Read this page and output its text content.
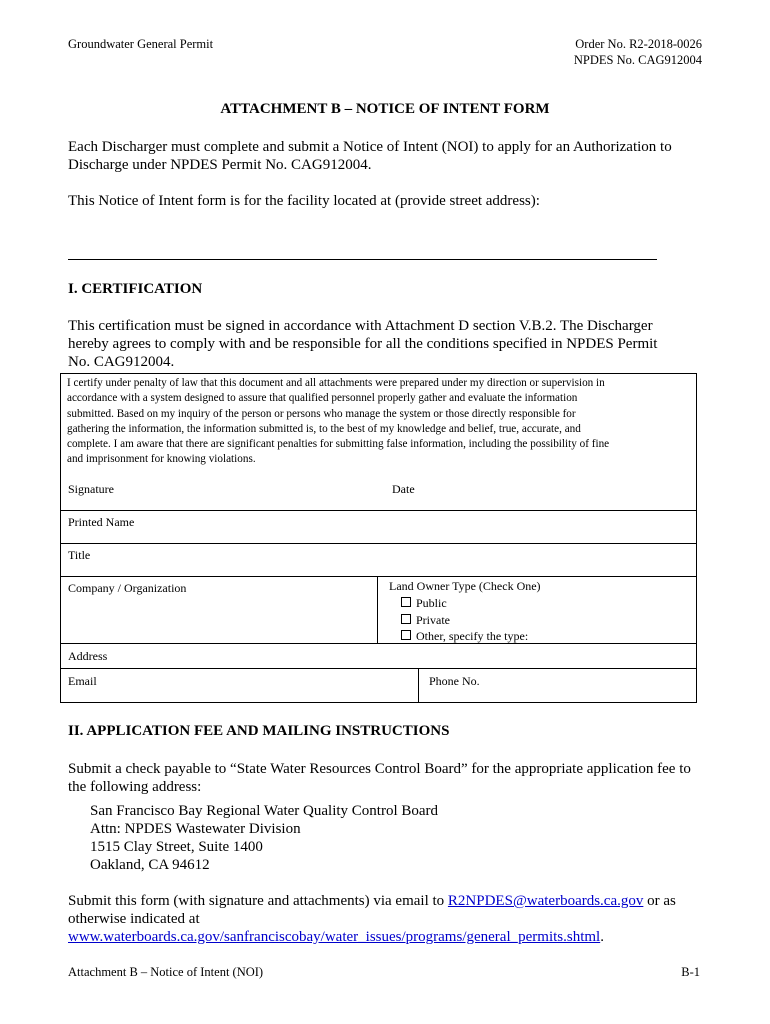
Groundwater General Permit	Order No. R2-2018-0026
NPDES No. CAG912004
ATTACHMENT B – NOTICE OF INTENT FORM
Each Discharger must complete and submit a Notice of Intent (NOI) to apply for an Authorization to
Discharge under NPDES Permit No. CAG912004.
This Notice of Intent form is for the facility located at (provide street address):
I. CERTIFICATION
This certification must be signed in accordance with Attachment D section V.B.2. The Discharger
hereby agrees to comply with and be responsible for all the conditions specified in NPDES Permit
No. CAG912004.
I certify under penalty of law that this document and all attachments were prepared under my direction or supervision in
accordance with a system designed to assure that qualified personnel properly gather and evaluate the information
submitted. Based on my inquiry of the person or persons who manage the system or those directly responsible for
gathering the information, the information submitted is, to the best of my knowledge and belief, true, accurate, and
complete. I am aware that there are significant penalties for submitting false information, including the possibility of fine
and imprisonment for knowing violations.
Signature	Date
Printed Name
Title
Company / Organization	Land Owner Type (Check One)
Public
Private
Other, specify the type:
Address
Email	Phone No.
II. APPLICATION FEE AND MAILING INSTRUCTIONS
Submit a check payable to “State Water Resources Control Board” for the appropriate application fee to
the following address:
San Francisco Bay Regional Water Quality Control Board
Attn: NPDES Wastewater Division
1515 Clay Street, Suite 1400
Oakland, CA 94612
Submit this form (with signature and attachments) via email to R2NPDES@waterboards.ca.gov or as
otherwise indicated at
www.waterboards.ca.gov/sanfranciscobay/water_issues/programs/general_permits.shtml.
Attachment B – Notice of Intent (NOI)	B-1
